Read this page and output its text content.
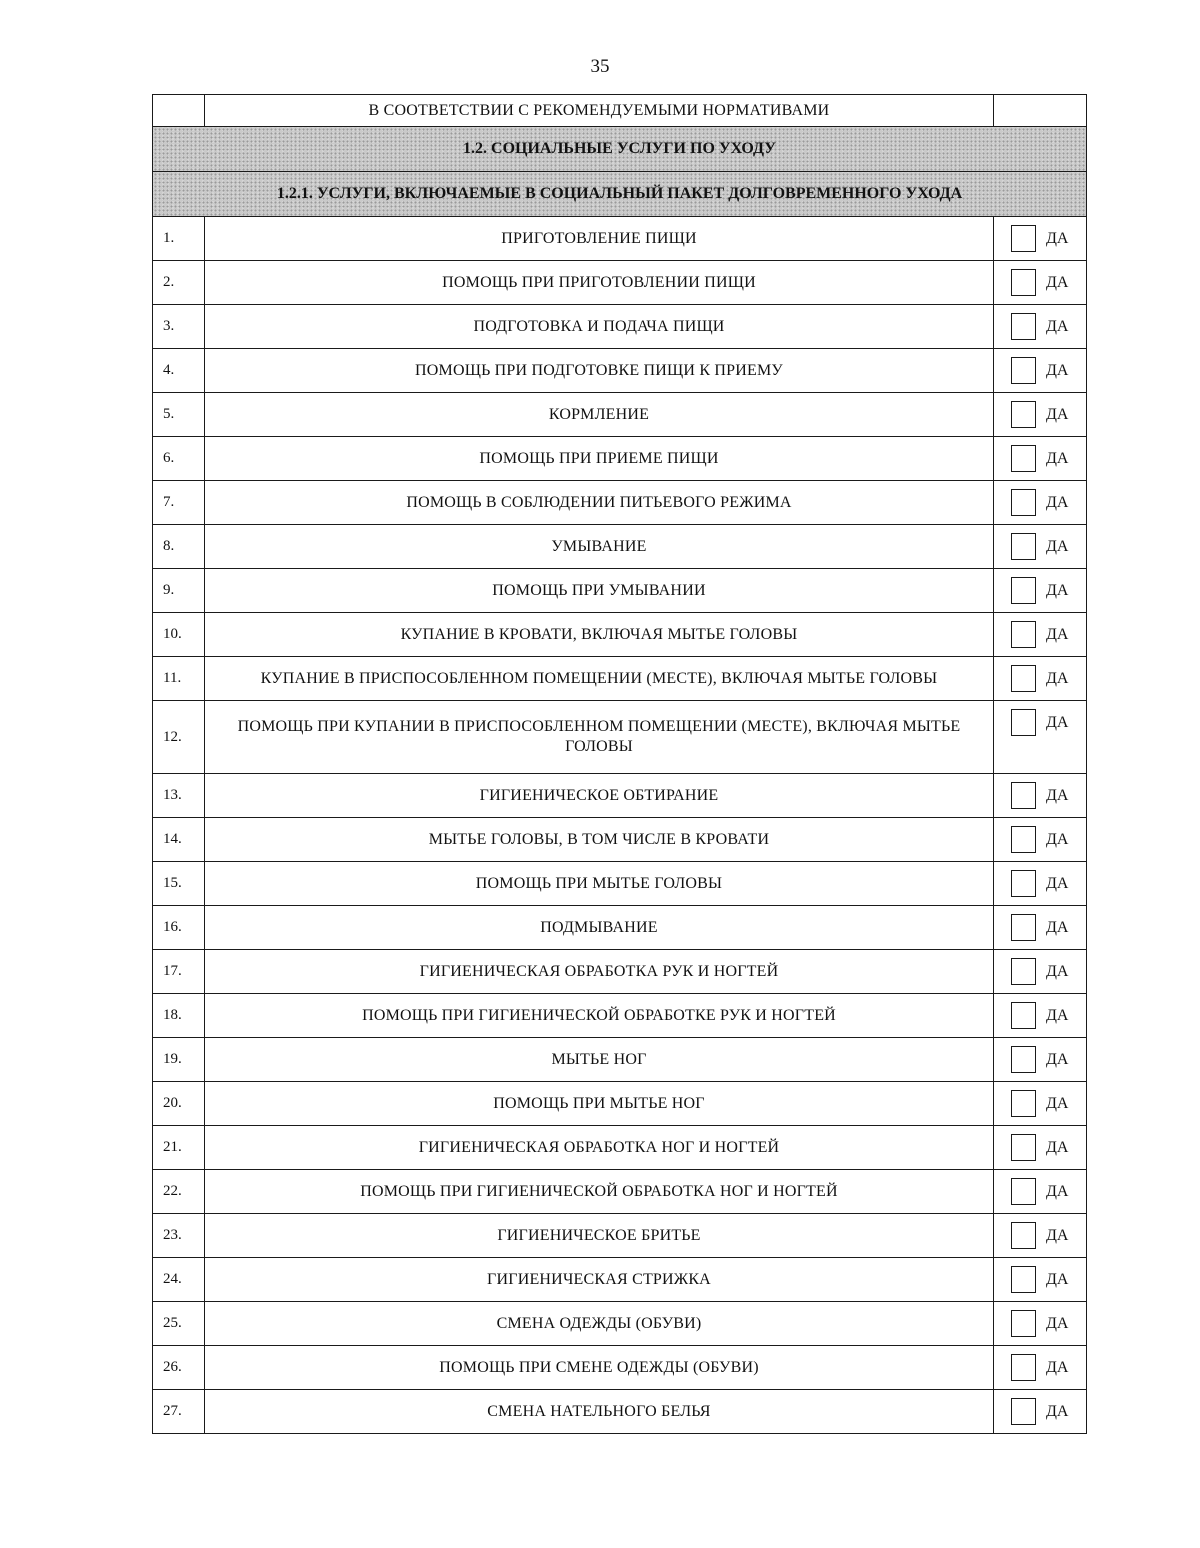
35
	В СООТВЕТСТВИИ С РЕКОМЕНДУЕМЫМИ НОРМАТИВАМИ	
1.2. СОЦИАЛЬНЫЕ УСЛУГИ ПО УХОДУ		
1.2.1. УСЛУГИ, ВКЛЮЧАЕМЫЕ В СОЦИАЛЬНЫЙ ПАКЕТ ДОЛГОВРЕМЕННОГО УХОДА		
1.	ПРИГОТОВЛЕНИЕ ПИЩИ	ДА

2.	ПОМОЩЬ ПРИ ПРИГОТОВЛЕНИИ ПИЩИ	ДА

3.	ПОДГОТОВКА И ПОДАЧА ПИЩИ	ДА

4.	ПОМОЩЬ ПРИ ПОДГОТОВКЕ ПИЩИ К ПРИЕМУ	ДА

5.	КОРМЛЕНИЕ	ДА

6.	ПОМОЩЬ ПРИ ПРИЕМЕ ПИЩИ	ДА

7.	ПОМОЩЬ В СОБЛЮДЕНИИ ПИТЬЕВОГО РЕЖИМА	ДА

8.	УМЫВАНИЕ	ДА

9.	ПОМОЩЬ ПРИ УМЫВАНИИ	ДА

10.	КУПАНИЕ В КРОВАТИ, ВКЛЮЧАЯ МЫТЬЕ ГОЛОВЫ	ДА

11.	КУПАНИЕ В ПРИСПОСОБЛЕННОМ ПОМЕЩЕНИИ (МЕСТЕ), ВКЛЮЧАЯ МЫТЬЕ ГОЛОВЫ	ДА

12.	ПОМОЩЬ ПРИ КУПАНИИ В ПРИСПОСОБЛЕННОМ ПОМЕЩЕНИИ (МЕСТЕ), ВКЛЮЧАЯ МЫТЬЕ ГОЛОВЫ	ДА

13.	ГИГИЕНИЧЕСКОЕ ОБТИРАНИЕ	ДА

14.	МЫТЬЕ ГОЛОВЫ, В ТОМ ЧИСЛЕ В КРОВАТИ	ДА

15.	ПОМОЩЬ ПРИ МЫТЬЕ ГОЛОВЫ	ДА

16.	ПОДМЫВАНИЕ	ДА

17.	ГИГИЕНИЧЕСКАЯ ОБРАБОТКА РУК И НОГТЕЙ	ДА

18.	ПОМОЩЬ ПРИ ГИГИЕНИЧЕСКОЙ ОБРАБОТКЕ РУК И НОГТЕЙ	ДА

19.	МЫТЬЕ НОГ	ДА

20.	ПОМОЩЬ ПРИ МЫТЬЕ НОГ	ДА

21.	ГИГИЕНИЧЕСКАЯ ОБРАБОТКА НОГ И НОГТЕЙ	ДА

22.	ПОМОЩЬ ПРИ ГИГИЕНИЧЕСКОЙ ОБРАБОТКА НОГ И НОГТЕЙ	ДА

23.	ГИГИЕНИЧЕСКОЕ БРИТЬЕ	ДА

24.	ГИГИЕНИЧЕСКАЯ СТРИЖКА	ДА

25.	СМЕНА ОДЕЖДЫ (ОБУВИ)	ДА

26.	ПОМОЩЬ ПРИ СМЕНЕ ОДЕЖДЫ (ОБУВИ)	ДА

27.	СМЕНА НАТЕЛЬНОГО БЕЛЬЯ	ДА
